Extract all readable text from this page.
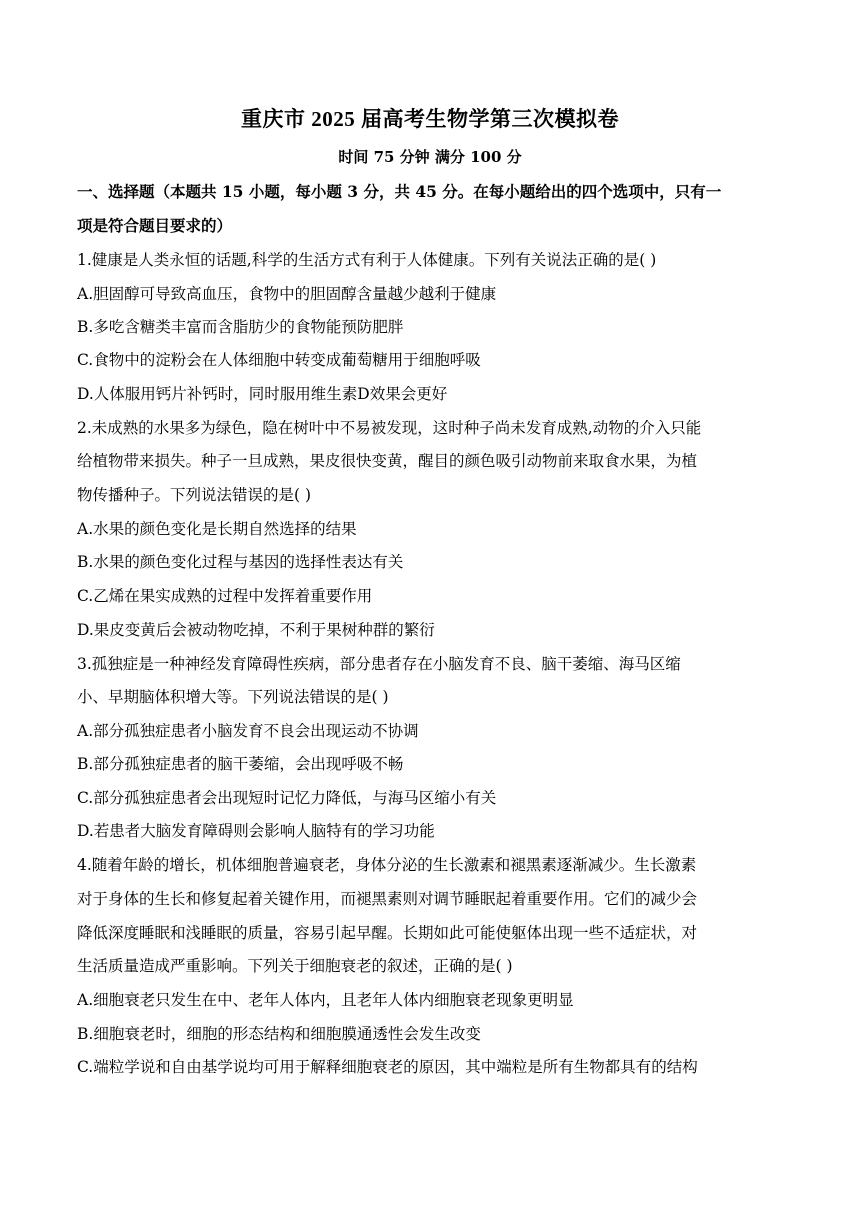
重庆市 2025 届高考生物学第三次模拟卷
时间 75 分钟 满分 100 分
一、选择题（本题共 15 小题，每小题 3 分，共 45 分。在每小题给出的四个选项中，只有一
项是符合题目要求的）
1.健康是人类永恒的话题,科学的生活方式有利于人体健康。下列有关说法正确的是( )
A.胆固醇可导致高血压，食物中的胆固醇含量越少越利于健康
B.多吃含糖类丰富而含脂肪少的食物能预防肥胖
C.食物中的淀粉会在人体细胞中转变成葡萄糖用于细胞呼吸
D.人体服用钙片补钙时，同时服用维生素D效果会更好
2.未成熟的水果多为绿色，隐在树叶中不易被发现，这时种子尚未发育成熟,动物的介入只能
给植物带来损失。种子一旦成熟，果皮很快变黄，醒目的颜色吸引动物前来取食水果，为植
物传播种子。下列说法错误的是( )
A.水果的颜色变化是长期自然选择的结果
B.水果的颜色变化过程与基因的选择性表达有关
C.乙烯在果实成熟的过程中发挥着重要作用
D.果皮变黄后会被动物吃掉，不利于果树种群的繁衍
3.孤独症是一种神经发育障碍性疾病，部分患者存在小脑发育不良、脑干萎缩、海马区缩
小、早期脑体积增大等。下列说法错误的是( )
A.部分孤独症患者小脑发育不良会出现运动不协调
B.部分孤独症患者的脑干萎缩，会出现呼吸不畅
C.部分孤独症患者会出现短时记忆力降低，与海马区缩小有关
D.若患者大脑发育障碍则会影响人脑特有的学习功能
4.随着年龄的增长，机体细胞普遍衰老，身体分泌的生长激素和褪黑素逐渐减少。生长激素
对于身体的生长和修复起着关键作用，而褪黑素则对调节睡眠起着重要作用。它们的减少会
降低深度睡眠和浅睡眠的质量，容易引起早醒。长期如此可能使躯体出现一些不适症状，对
生活质量造成严重影响。下列关于细胞衰老的叙述，正确的是( )
A.细胞衰老只发生在中、老年人体内，且老年人体内细胞衰老现象更明显
B.细胞衰老时，细胞的形态结构和细胞膜通透性会发生改变
C.端粒学说和自由基学说均可用于解释细胞衰老的原因，其中端粒是所有生物都具有的结构
